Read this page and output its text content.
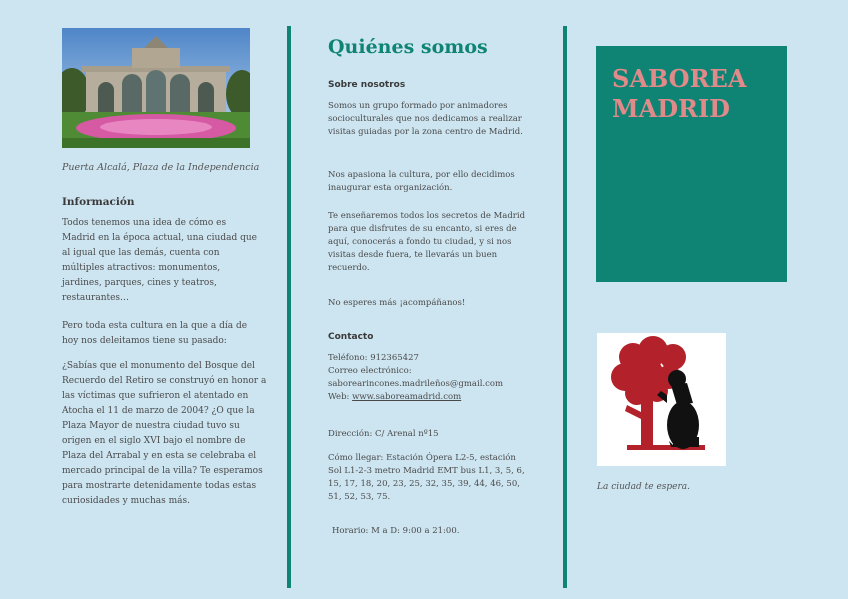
Puerta Alcalá, Plaza de la Independencia
Información

Todos tenemos una idea de cómo es Madrid en la época actual, una ciudad que al igual que las demás, cuenta con múltiples atractivos: monumentos, jardines, parques, cines y teatros, restaurantes…

Pero toda esta cultura en la que a día de hoy nos deleitamos tiene su pasado:

¿Sabías que el monumento del Bosque del Recuerdo del Retiro se construyó en honor a las víctimas que sufrieron el atentado en Atocha el 11 de marzo de 2004? ¿O que la Plaza Mayor de nuestra ciudad tuvo su origen en el siglo XVI bajo el nombre de Plaza del Arrabal y en esta se celebraba el mercado principal de la villa? Te esperamos para mostrarte detenidamente todas estas curiosidades y muchas más.

Quiénes somos
Sobre nosotros

Somos un grupo formado por animadores socioculturales que nos dedicamos a realizar visitas guiadas por la zona centro de Madrid.

Nos apasiona la cultura, por ello decidimos inaugurar esta organización.

Te enseñaremos todos los secretos de Madrid para que disfrutes de su encanto, si eres de aquí, conocerás a fondo tu ciudad, y si nos visitas desde fuera, te llevarás un buen recuerdo.

No esperes más ¡acompáñanos!

Contacto

Teléfono: 912365427

Correo electrónico:

saborearincones.madrileños@gmail.com

Web: www.saboreamadrid.com

Dirección: C/ Arenal nº15

Cómo llegar: Estación Ópera L2-5, estación Sol L1-2-3 metro Madrid EMT bus L1, 3, 5, 6, 15, 17, 18, 20, 23, 25, 32, 35, 39, 44, 46, 50, 51, 52, 53, 75.

Horario: M a D: 9:00 a 21:00.

SABOREA MADRID
La ciudad te espera.
